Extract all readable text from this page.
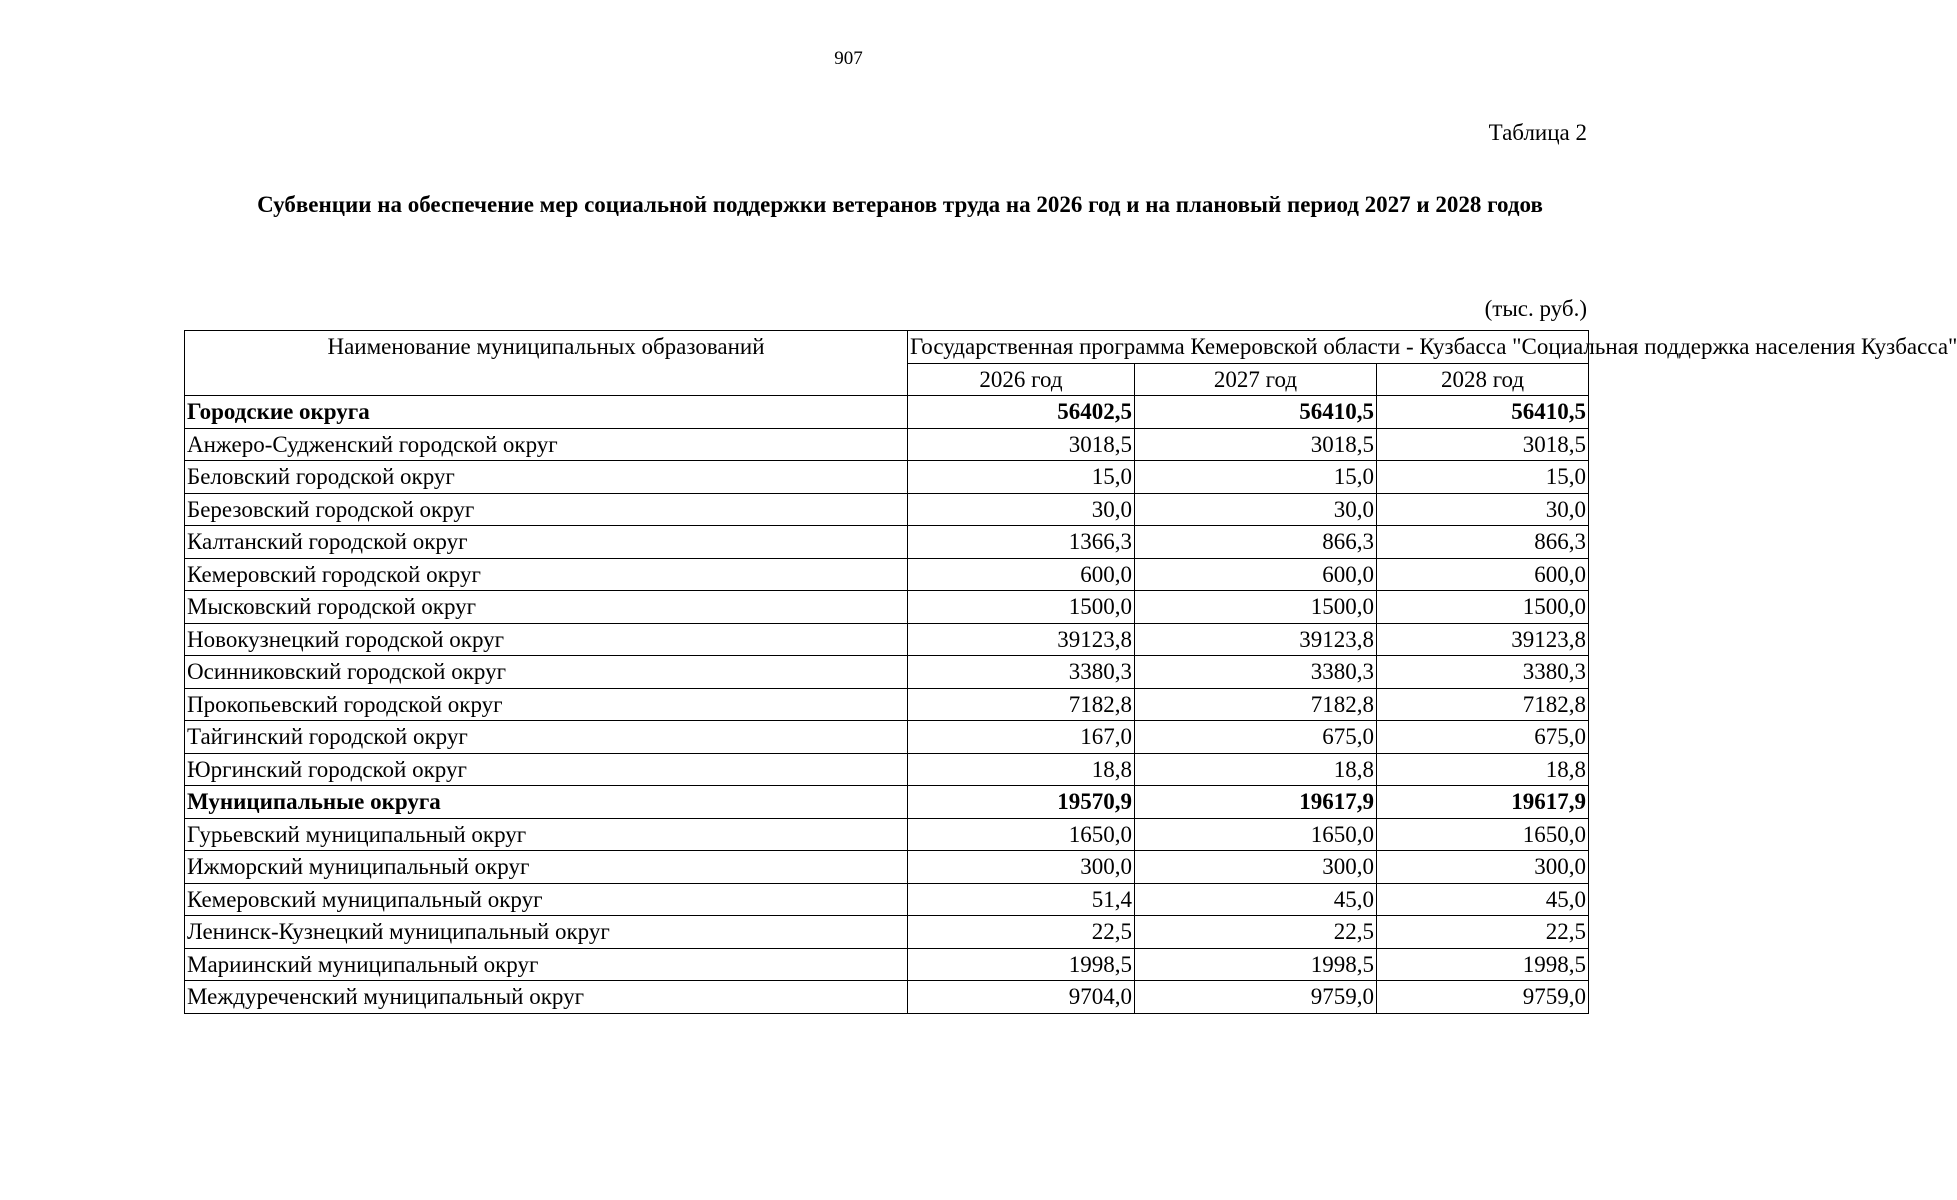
907
Таблица 2
Субвенции на обеспечение мер социальной поддержки ветеранов труда на 2026 год и на плановый период 2027 и 2028 годов
(тыс. руб.)
Наименование муниципальных образований	Государственная программа Кемеровской области - Кузбасса "Социальная поддержка населения Кузбасса"		
	2026 год	2027 год	2028 год
Городские округа	56402,5	56410,5	56410,5
Анжеро-Судженский городской округ	3018,5	3018,5	3018,5
Беловский городской округ	15,0	15,0	15,0
Березовский городской округ	30,0	30,0	30,0
Калтанский городской округ	1366,3	866,3	866,3
Кемеровский городской округ	600,0	600,0	600,0
Мысковский городской округ	1500,0	1500,0	1500,0
Новокузнецкий городской округ	39123,8	39123,8	39123,8
Осинниковский городской округ	3380,3	3380,3	3380,3
Прокопьевский городской округ	7182,8	7182,8	7182,8
Тайгинский городской округ	167,0	675,0	675,0
Юргинский городской округ	18,8	18,8	18,8
Муниципальные округа	19570,9	19617,9	19617,9
Гурьевский муниципальный округ	1650,0	1650,0	1650,0
Ижморский муниципальный округ	300,0	300,0	300,0
Кемеровский муниципальный округ	51,4	45,0	45,0
Ленинск-Кузнецкий муниципальный округ	22,5	22,5	22,5
Мариинский муниципальный округ	1998,5	1998,5	1998,5
Междуреченский муниципальный округ	9704,0	9759,0	9759,0
